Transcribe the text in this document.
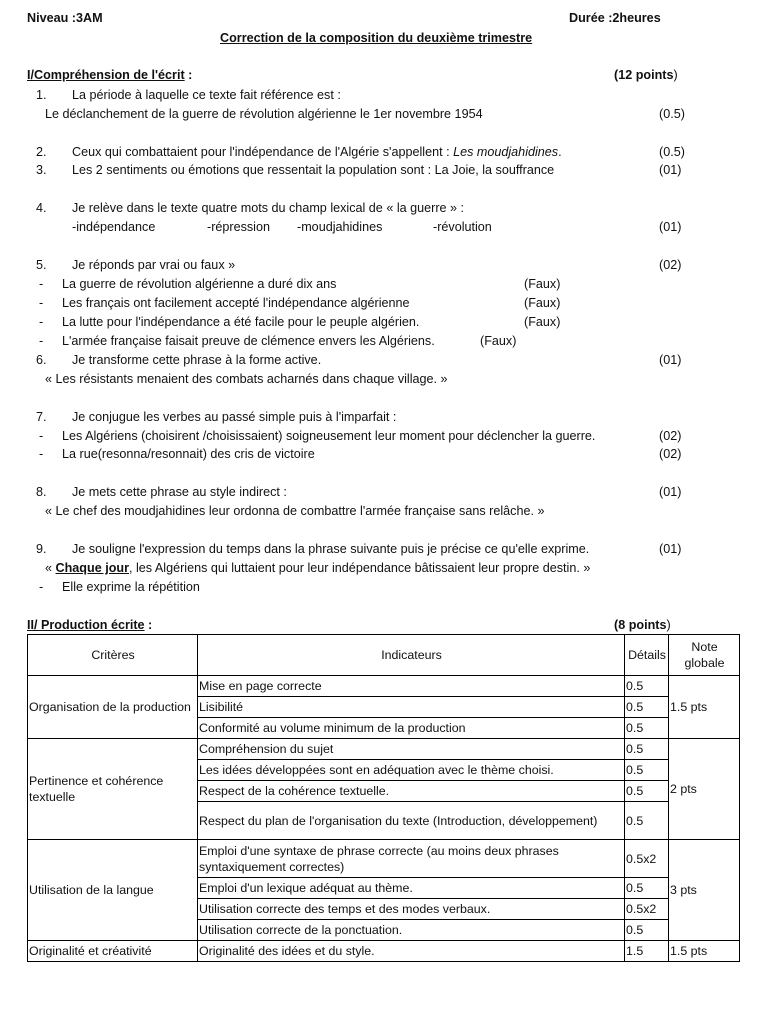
Niveau :3AM	Durée :2heures
Correction de la composition du deuxième trimestre
I/Compréhension de l'écrit :	(12 points)
1. La période à laquelle ce texte fait référence est :
Le déclanchement de la guerre de révolution algérienne le 1er novembre 1954	(0.5)
2. Ceux qui combattaient pour l'indépendance de l'Algérie s'appellent : Les moudjahidines.	(0.5)
3. Les 2 sentiments ou émotions que ressentait la population sont : La Joie, la souffrance	(01)
4. Je relève dans le texte quatre mots du champ lexical de « la guerre » :
-indépendance	-répression -moudjahidines	-révolution	(01)
5. Je réponds par vrai ou faux »	(02)
- La guerre de révolution algérienne a duré dix ans	(Faux)
- Les français ont facilement accepté l'indépendance algérienne	(Faux)
- La lutte pour l'indépendance a été facile pour le peuple algérien.	(Faux)
- L'armée française faisait preuve de clémence envers les Algériens.	(Faux)
6. Je transforme cette phrase à la forme active.	(01)
« Les résistants menaient des combats acharnés dans chaque village. »
7. Je conjugue les verbes au passé simple puis à l'imparfait :
- Les Algériens (choisirent /choisissaient) soigneusement leur moment pour déclencher la guerre.	(02)
- La rue(resonna/resonnait) des cris de victoire	(02)
8. Je mets cette phrase au style indirect :	(01)
« Le chef des moudjahidines leur ordonna de combattre l'armée française sans relâche. »
9. Je souligne l'expression du temps dans la phrase suivante puis je précise ce qu'elle exprime.	(01)
« Chaque jour, les Algériens qui luttaient pour leur indépendance bâtissaient leur propre destin. »
- Elle exprime la répétition
II/ Production écrite :	(8 points)
Critères	Indicateurs	Détails	Note globale
Organisation de la production	Mise en page correcte	0.5	1.5 pts
	Lisibilité	0.5	
	Conformité au volume minimum de la production	0.5	
Pertinence et cohérence textuelle	Compréhension du sujet	0.5	2 pts
	Les idées développées sont en adéquation avec le thème choisi.	0.5	
	Respect de la cohérence textuelle.	0.5	
	Respect du plan de l'organisation du texte (Introduction, développement)	0.5	
Utilisation de la langue	Emploi d'une syntaxe de phrase correcte (au moins deux phrases syntaxiquement correctes)	0.5x2	3 pts
	Emploi d'un lexique adéquat au thème.	0.5	
	Utilisation correcte des temps et des modes verbaux.	0.5x2	
	Utilisation correcte de la ponctuation.	0.5	
Originalité et créativité	Originalité des idées et du style.	1.5	1.5 pts
